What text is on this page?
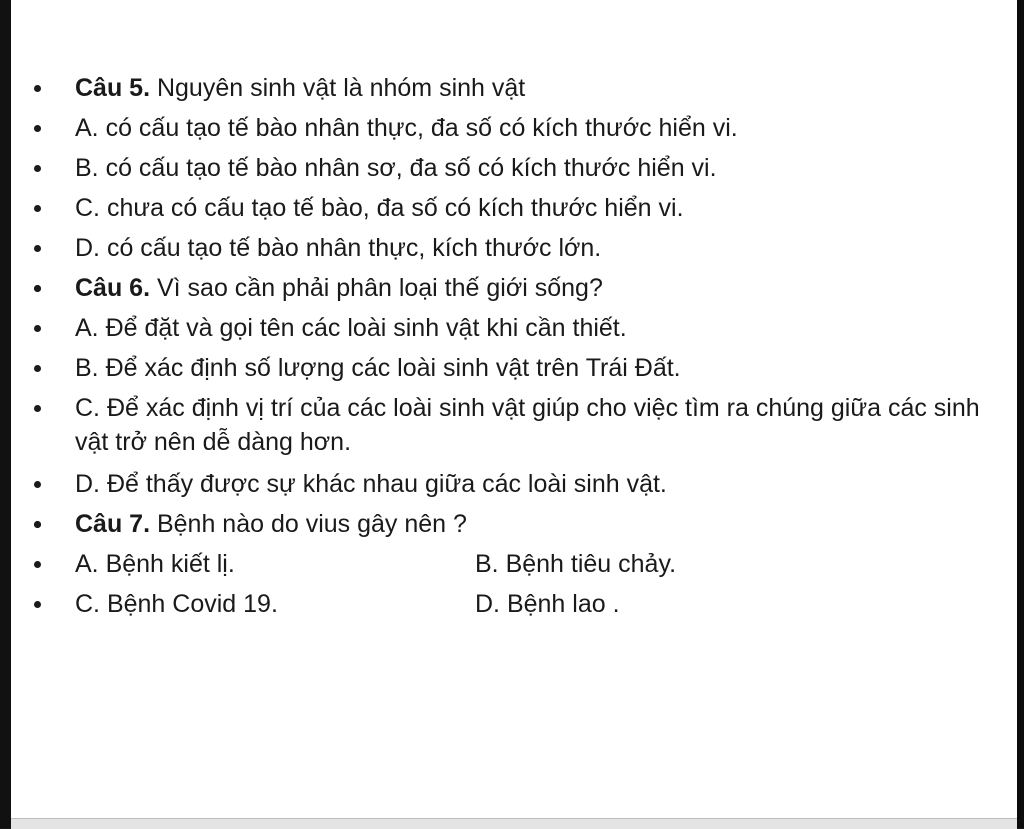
Câu 5. Nguyên sinh vật là nhóm sinh vật
A. có cấu tạo tế bào nhân thực, đa số có kích thước hiển vi.
B. có cấu tạo tế bào nhân sơ, đa số có kích thước hiển vi.
C. chưa có cấu tạo tế bào, đa số có kích thước hiển vi.
D. có cấu tạo tế bào nhân thực, kích thước lớn.
Câu 6. Vì sao cần phải phân loại thế giới sống?
A. Để đặt và gọi tên các loài sinh vật khi cần thiết.
B. Để xác định số lượng các loài sinh vật trên Trái Đất.
C. Để xác định vị trí của các loài sinh vật giúp cho việc tìm ra chúng giữa các sinh vật trở nên dễ dàng hơn.
D. Để thấy được sự khác nhau giữa các loài sinh vật.
Câu 7. Bệnh nào do vius gây nên ?
A. Bệnh kiết lị.	B. Bệnh tiêu chảy.
C. Bệnh Covid 19.	D. Bệnh lao .
